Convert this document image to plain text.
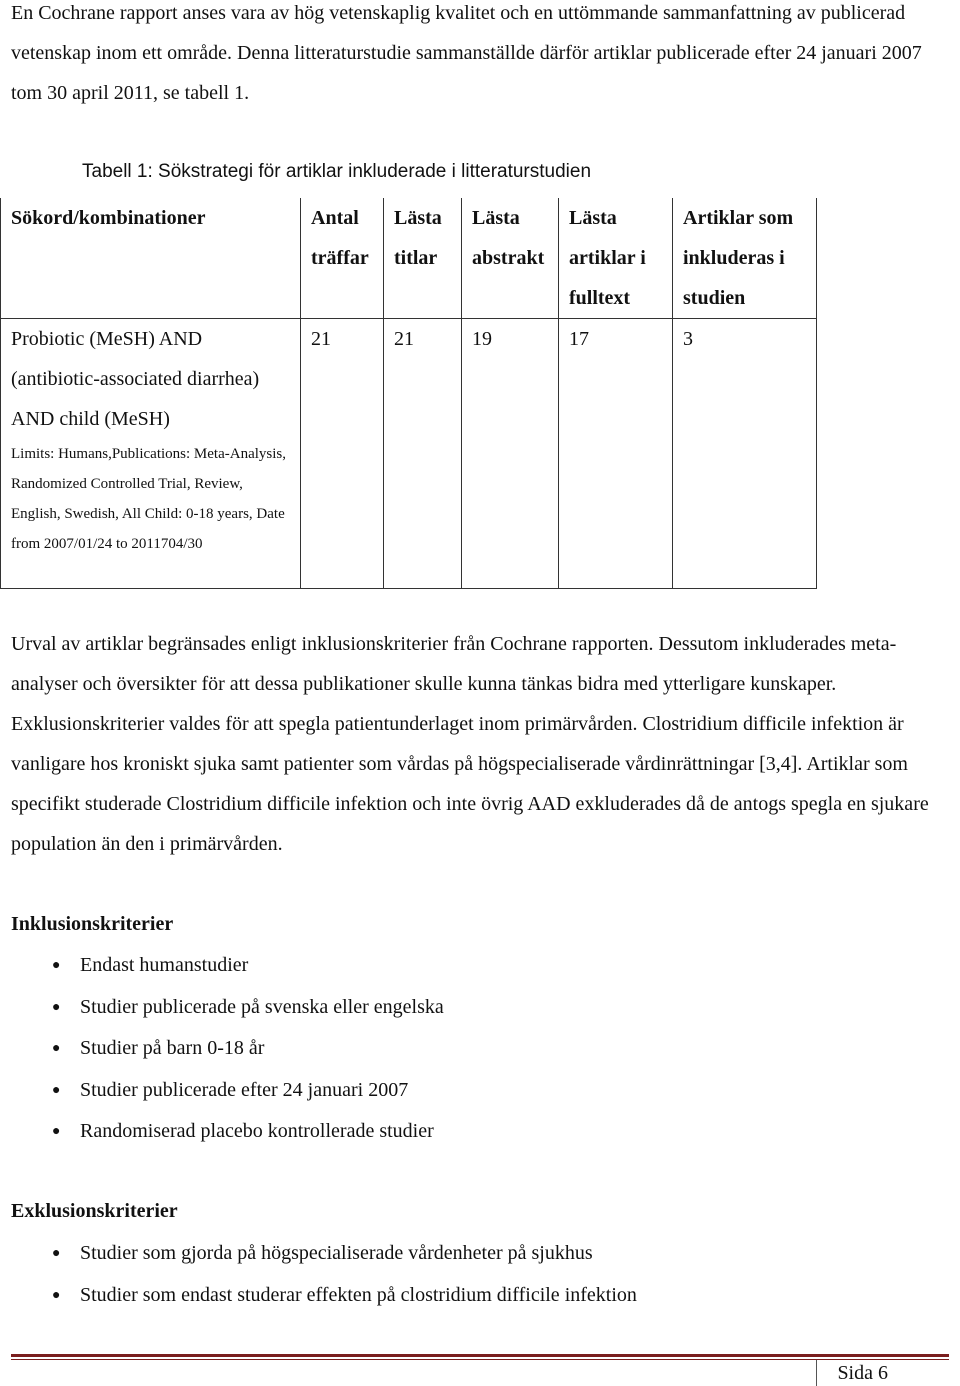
En Cochrane rapport anses vara av hög vetenskaplig kvalitet och en uttömmande sammanfattning av publicerad vetenskap inom ett område. Denna litteraturstudie sammanställde därför artiklar publicerade efter 24 januari 2007 tom 30 april 2011, se tabell 1.

Tabell 1: Sökstrategi för artiklar inkluderade i litteraturstudien
Sökord/kombinationer	Antal träffar	Lästa titlar	Lästa abstrakt	Lästa artiklar i fulltext	Artiklar som inkluderas i studien

Probiotic (MeSH) AND (antibiotic-associated diarrhea) AND child (MeSH)
Limits: Humans,Publications: Meta-Analysis, Randomized Controlled Trial, Review, English, Swedish, All Child: 0-18 years, Date from 2007/01/24 to 2011704/30	21	21	19	17	3

Urval av artiklar begränsades enligt inklusionskriterier från Cochrane rapporten. Dessutom inkluderades meta-analyser och översikter för att dessa publikationer skulle kunna tänkas bidra med ytterligare kunskaper. Exklusionskriterier valdes för att spegla patientunderlaget inom primärvården. Clostridium difficile infektion är vanligare hos kroniskt sjuka samt patienter som vårdas på högspecialiserade vårdinrättningar [3,4]. Artiklar som specifikt studerade Clostridium difficile infektion och inte övrig AAD exkluderades då de antogs spegla en sjukare population än den i primärvården.

Inklusionskriterier
● Endast humanstudier
● Studier publicerade på svenska eller engelska
● Studier på barn 0-18 år
● Studier publicerade efter 24 januari 2007
● Randomiserad placebo kontrollerade studier
Exklusionskriterier
● Studier som gjorda på högspecialiserade vårdenheter på sjukhus
● Studier som endast studerar effekten på clostridium difficile infektion
Sida 6
